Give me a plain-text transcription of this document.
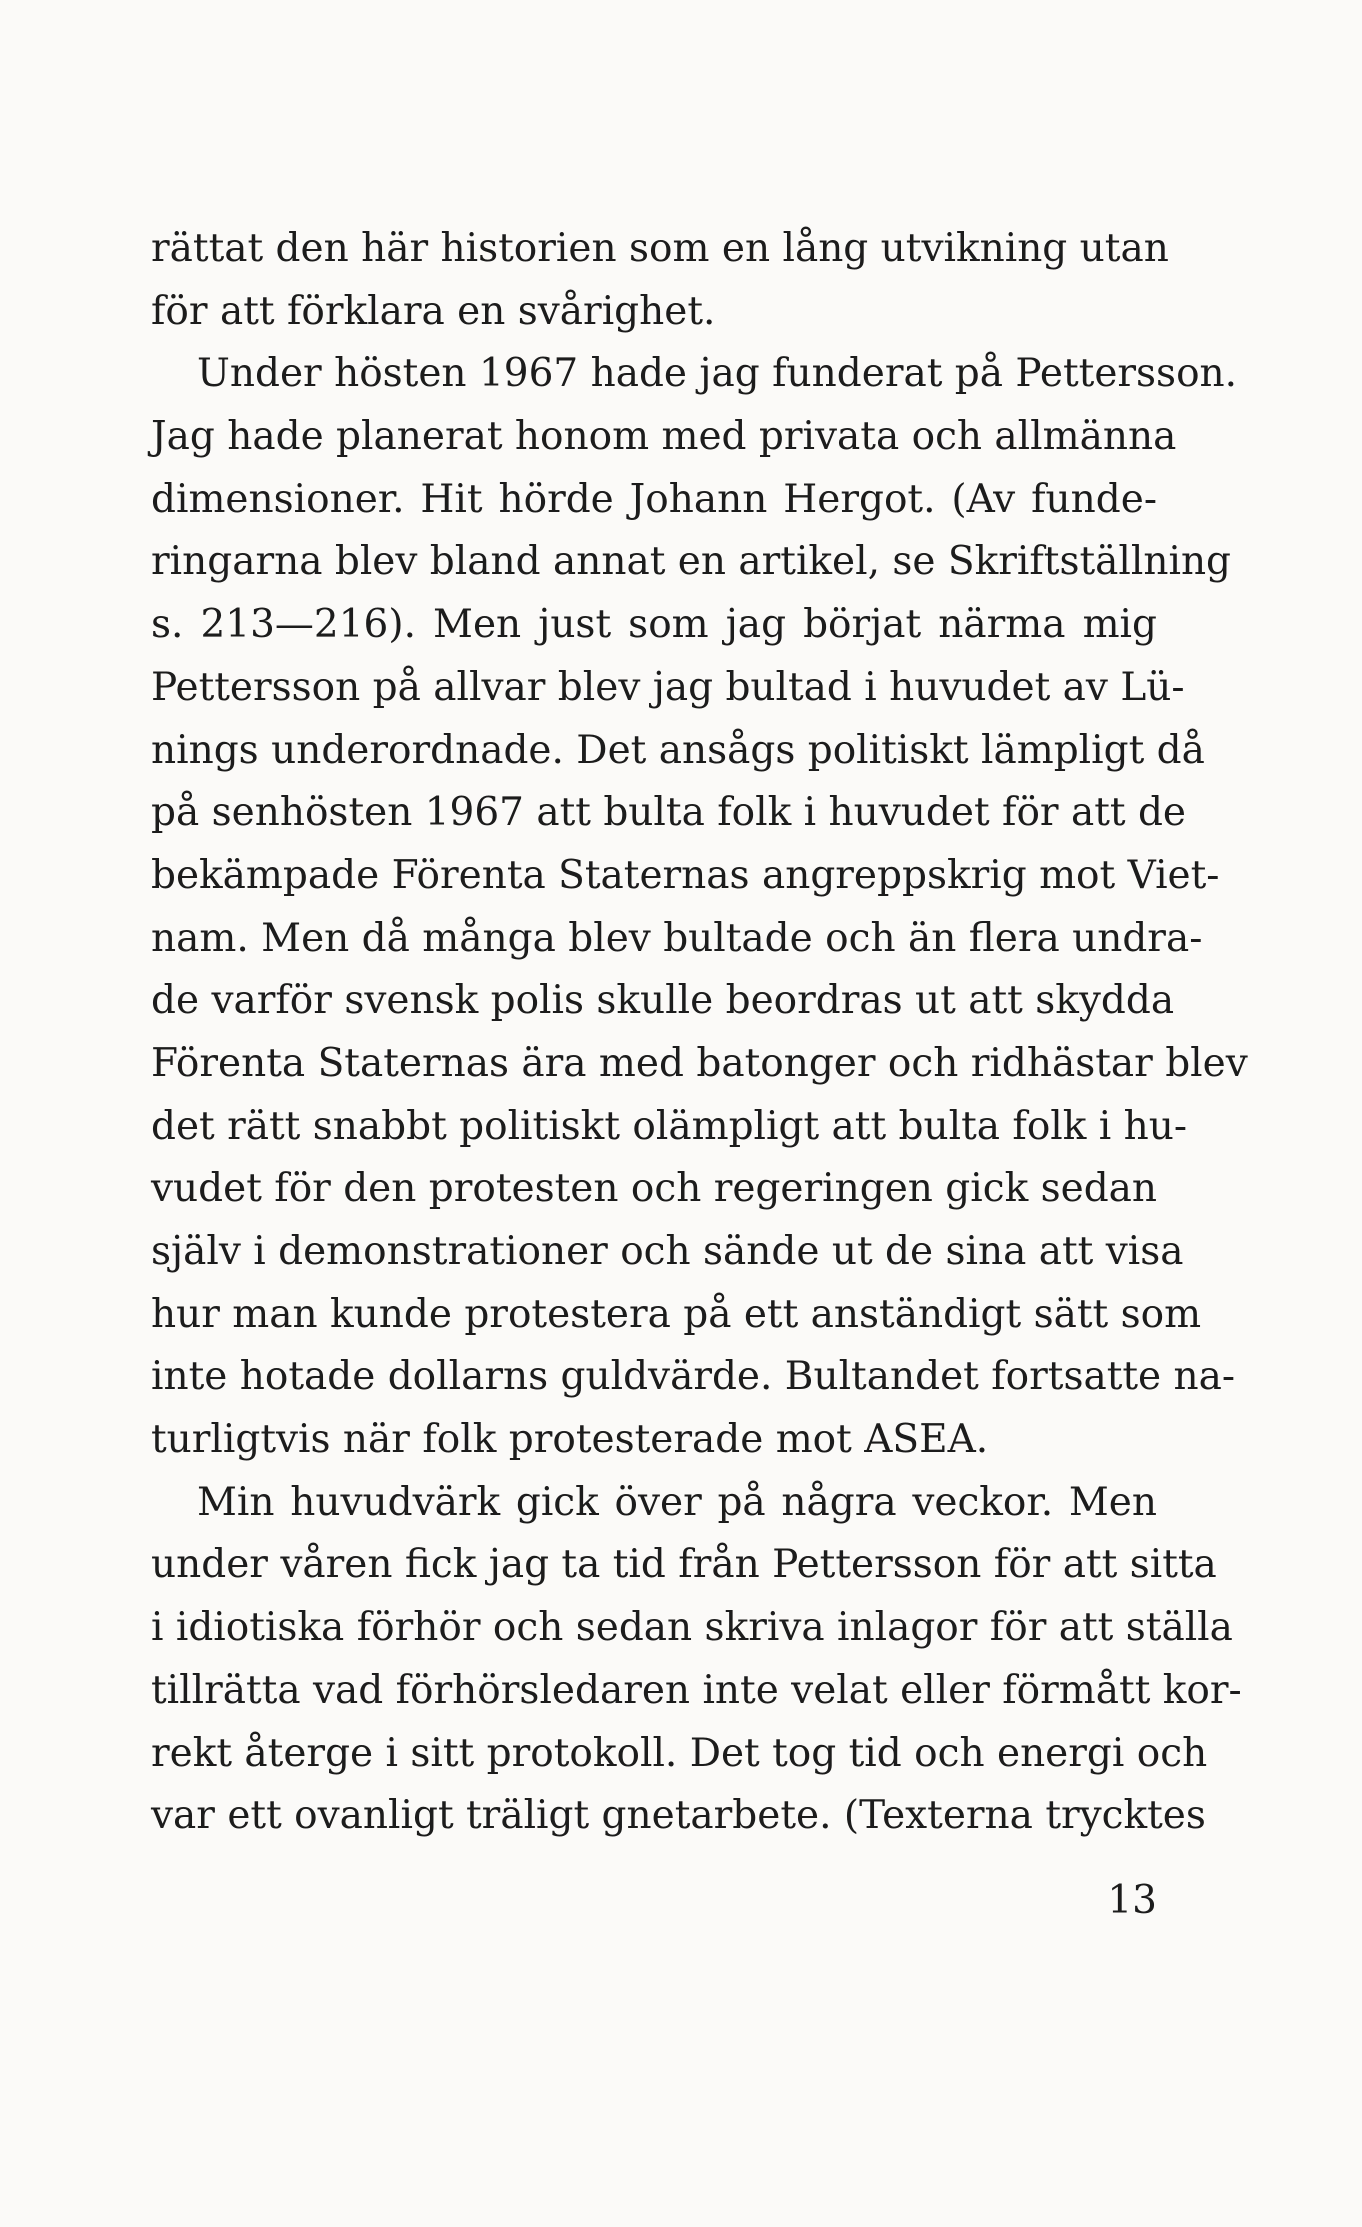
rättat den här historien som en lång utvikning utan
för att förklara en svårighet.
Under hösten 1967 hade jag funderat på Pettersson.
Jag hade planerat honom med privata och allmänna
dimensioner. Hit hörde Johann Hergot. (Av funde-
ringarna blev bland annat en artikel, se Skriftställning
s. 213—216). Men just som jag börjat närma mig
Pettersson på allvar blev jag bultad i huvudet av Lü-
nings underordnade. Det ansågs politiskt lämpligt då
på senhösten 1967 att bulta folk i huvudet för att de
bekämpade Förenta Staternas angreppskrig mot Viet-
nam. Men då många blev bultade och än flera undra-
de varför svensk polis skulle beordras ut att skydda
Förenta Staternas ära med batonger och ridhästar blev
det rätt snabbt politiskt olämpligt att bulta folk i hu-
vudet för den protesten och regeringen gick sedan
själv i demonstrationer och sände ut de sina att visa
hur man kunde protestera på ett anständigt sätt som
inte hotade dollarns guldvärde. Bultandet fortsatte na-
turligtvis när folk protesterade mot ASEA.
Min huvudvärk gick över på några veckor. Men
under våren fick jag ta tid från Pettersson för att sitta
i idiotiska förhör och sedan skriva inlagor för att ställa
tillrätta vad förhörsledaren inte velat eller förmått kor-
rekt återge i sitt protokoll. Det tog tid och energi och
var ett ovanligt träligt gnetarbete. (Texterna trycktes
13
